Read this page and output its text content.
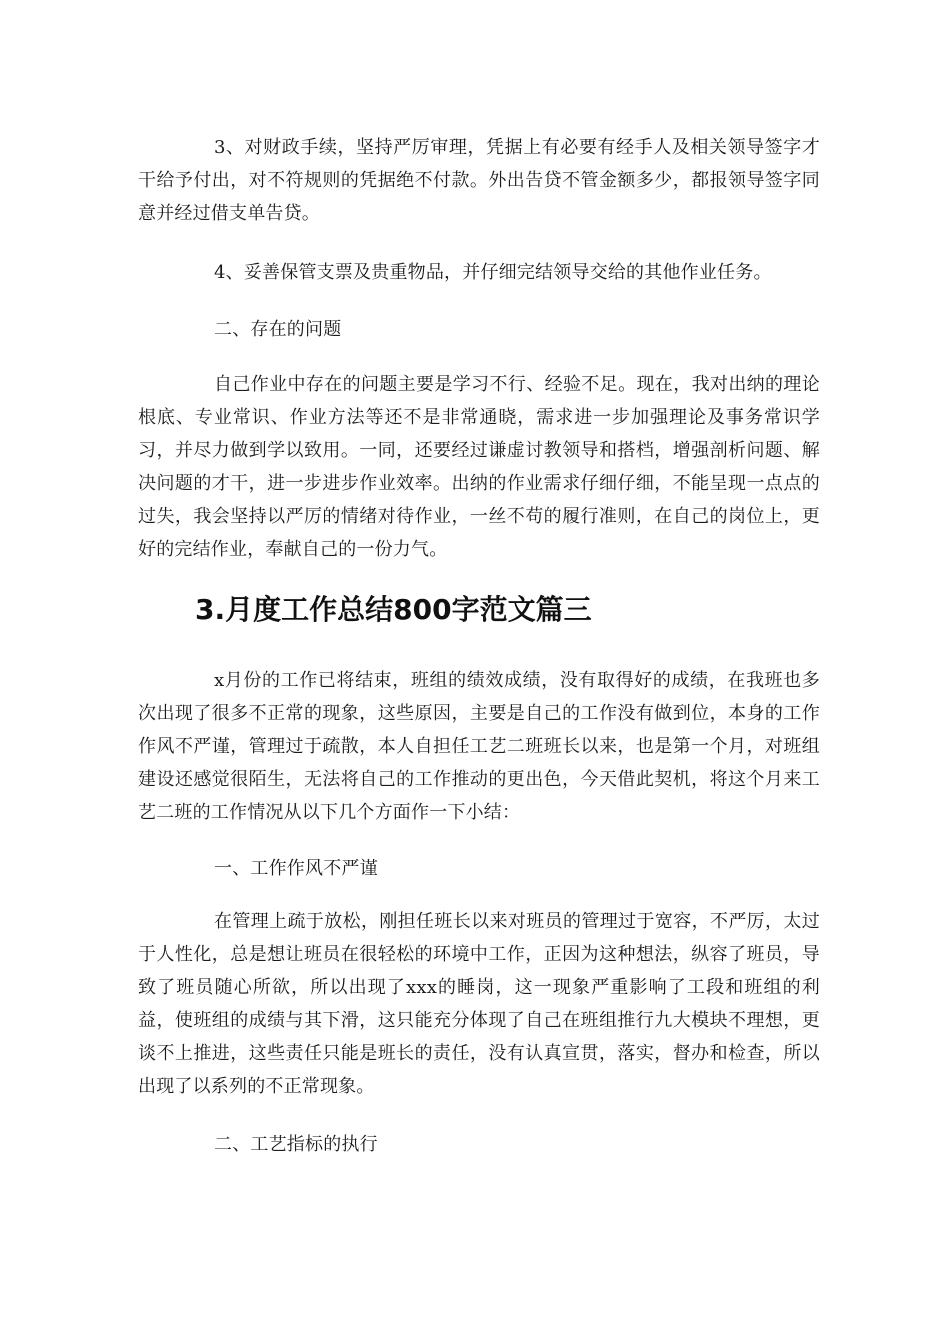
3、对财政手续，坚持严厉审理，凭据上有必要有经手人及相关领导签字才干给予付出，对不符规则的凭据绝不付款。外出告贷不管金额多少，都报领导签字同意并经过借支单告贷。

4、妥善保管支票及贵重物品，并仔细完结领导交给的其他作业任务。

二、存在的问题

自己作业中存在的问题主要是学习不行、经验不足。现在，我对出纳的理论根底、专业常识、作业方法等还不是非常通晓，需求进一步加强理论及事务常识学习，并尽力做到学以致用。一同，还要经过谦虚讨教领导和搭档，增强剖析问题、解决问题的才干，进一步进步作业效率。出纳的作业需求仔细仔细，不能呈现一点点的过失，我会坚持以严厉的情绪对待作业，一丝不苟的履行准则，在自己的岗位上，更好的完结作业，奉献自己的一份力气。

3.月度工作总结800字范文篇三

x月份的工作已将结束，班组的绩效成绩，没有取得好的成绩，在我班也多次出现了很多不正常的现象，这些原因，主要是自己的工作没有做到位，本身的工作作风不严谨，管理过于疏散，本人自担任工艺二班班长以来，也是第一个月，对班组建设还感觉很陌生，无法将自己的工作推动的更出色，今天借此契机，将这个月来工艺二班的工作情况从以下几个方面作一下小结：

一、工作作风不严谨

在管理上疏于放松，刚担任班长以来对班员的管理过于宽容，不严厉，太过于人性化，总是想让班员在很轻松的环境中工作，正因为这种想法，纵容了班员，导致了班员随心所欲，所以出现了xxx的睡岗，这一现象严重影响了工段和班组的利益，使班组的成绩与其下滑，这只能充分体现了自己在班组推行九大模块不理想，更谈不上推进，这些责任只能是班长的责任，没有认真宣贯，落实，督办和检查，所以出现了以系列的不正常现象。

二、工艺指标的执行
